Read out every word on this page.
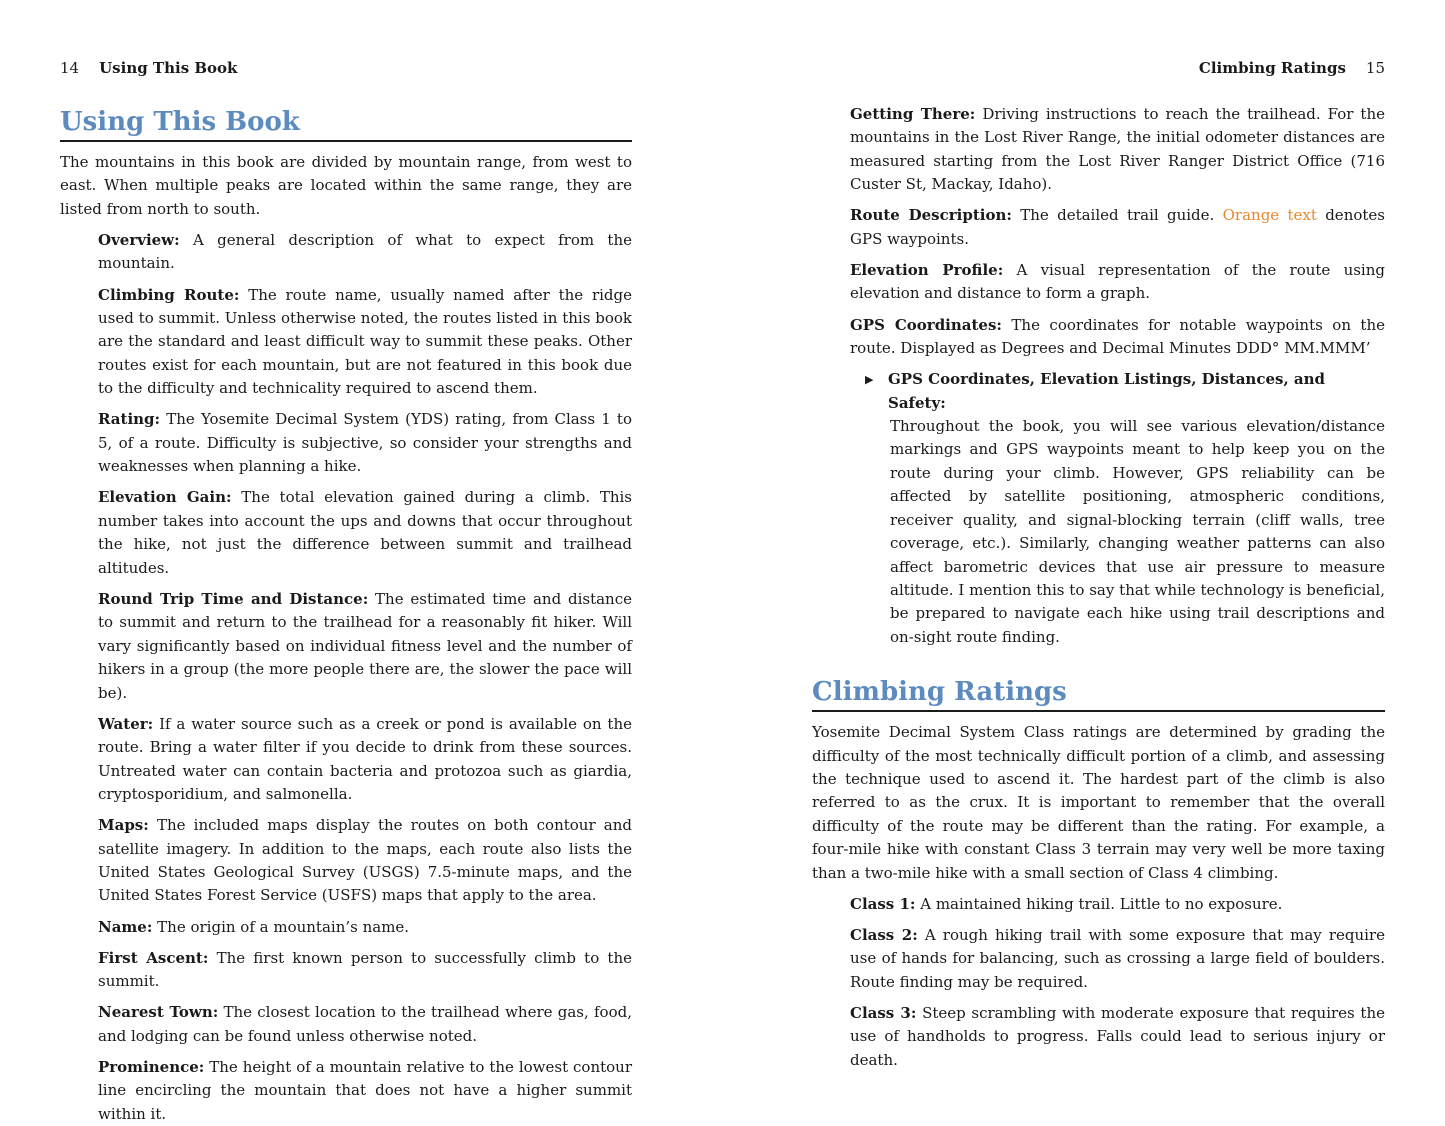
14 Using This Book	Climbing Ratings 15
Using This Book

The mountains in this book are divided by mountain range, from west to east. When multiple peaks are located within the same range, they are listed from north to south.

Overview: A general description of what to expect from the mountain.

Climbing Route: The route name, usually named after the ridge used to summit. Unless otherwise noted, the routes listed in this book are the standard and least difficult way to summit these peaks. Other routes exist for each mountain, but are not featured in this book due to the difficulty and technicality required to ascend them.

Rating: The Yosemite Decimal System (YDS) rating, from Class 1 to 5, of a route. Difficulty is subjective, so consider your strengths and weaknesses when planning a hike.

Elevation Gain: The total elevation gained during a climb. This number takes into account the ups and downs that occur throughout the hike, not just the difference between summit and trailhead altitudes.

Round Trip Time and Distance: The estimated time and distance to summit and return to the trailhead for a reasonably fit hiker. Will vary significantly based on individual fitness level and the number of hikers in a group (the more people there are, the slower the pace will be).

Water: If a water source such as a creek or pond is available on the route. Bring a water filter if you decide to drink from these sources. Untreated water can contain bacteria and protozoa such as giardia, cryptosporidium, and salmonella.

Maps: The included maps display the routes on both contour and satellite imagery. In addition to the maps, each route also lists the United States Geological Survey (USGS) 7.5-minute maps, and the United States Forest Service (USFS) maps that apply to the area.

Name: The origin of a mountain’s name.

First Ascent: The first known person to successfully climb to the summit.

Nearest Town: The closest location to the trailhead where gas, food, and lodging can be found unless otherwise noted.

Prominence: The height of a mountain relative to the lowest contour line encircling the mountain that does not have a higher summit within it.

Getting There: Driving instructions to reach the trailhead. For the mountains in the Lost River Range, the initial odometer distances are measured starting from the Lost River Ranger District Office (716 Custer St, Mackay, Idaho).

Route Description: The detailed trail guide. Orange text denotes GPS waypoints.

Elevation Profile: A visual representation of the route using elevation and distance to form a graph.

GPS Coordinates: The coordinates for notable waypoints on the route. Displayed as Degrees and Decimal Minutes DDD° MM.MMM’

▶ GPS Coordinates, Elevation Listings, Distances, and Safety:

Throughout the book, you will see various elevation/distance markings and GPS waypoints meant to help keep you on the route during your climb. However, GPS reliability can be affected by satellite positioning, atmospheric conditions, receiver quality, and signal-blocking terrain (cliff walls, tree coverage, etc.). Similarly, changing weather patterns can also affect barometric devices that use air pressure to measure altitude. I mention this to say that while technology is beneficial, be prepared to navigate each hike using trail descriptions and on-sight route finding.

Climbing Ratings

Yosemite Decimal System Class ratings are determined by grading the difficulty of the most technically difficult portion of a climb, and assessing the technique used to ascend it. The hardest part of the climb is also referred to as the crux. It is important to remember that the overall difficulty of the route may be different than the rating. For example, a four-mile hike with constant Class 3 terrain may very well be more taxing than a two-mile hike with a small section of Class 4 climbing.

Class 1: A maintained hiking trail. Little to no exposure.

Class 2: A rough hiking trail with some exposure that may require use of hands for balancing, such as crossing a large field of boulders. Route finding may be required.

Class 3: Steep scrambling with moderate exposure that requires the use of handholds to progress. Falls could lead to serious injury or death.
